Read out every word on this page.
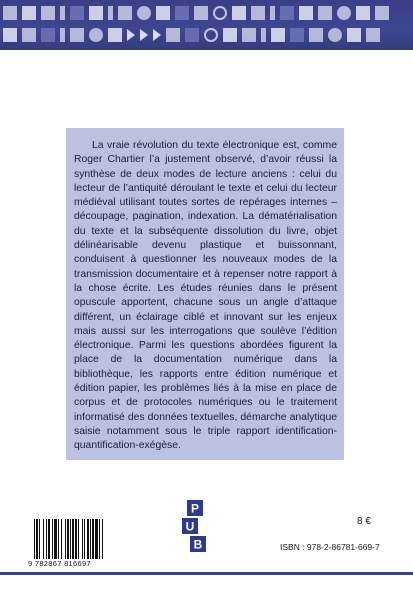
La vraie révolution du texte électronique est, comme Roger Chartier l’a justement observé, d’avoir réussi la synthèse de deux modes de lecture anciens : celui du lecteur de l’antiquité déroulant le texte et celui du lecteur médiéval utilisant toutes sortes de repérages internes – découpage, pagination, indexation. La dématérialisation du texte et la subséquente dissolution du livre, objet délinéarisable devenu plastique et buissonnant, conduisent à questionner les nouveaux modes de la transmission documentaire et à repenser notre rapport à la chose écrite. Les études réunies dans le présent opuscule apportent, chacune sous un angle d’attaque différent, un éclairage ciblé et innovant sur les enjeux mais aussi sur les interrogations que soulève l’édition électronique. Parmi les questions abordées figurent la place de la documentation numérique dans la bibliothèque, les rapports entre édition numérique et édition papier, les problèmes liés à la mise en place de corpus et de protocoles numériques ou le traitement informatisé des données textuelles, démarche analytique saisie notamment sous le triple rapport identification-quantification-exégèse.

P
U
B
9 782867 816697
8 €
ISBN : 978-2-86781-669-7
